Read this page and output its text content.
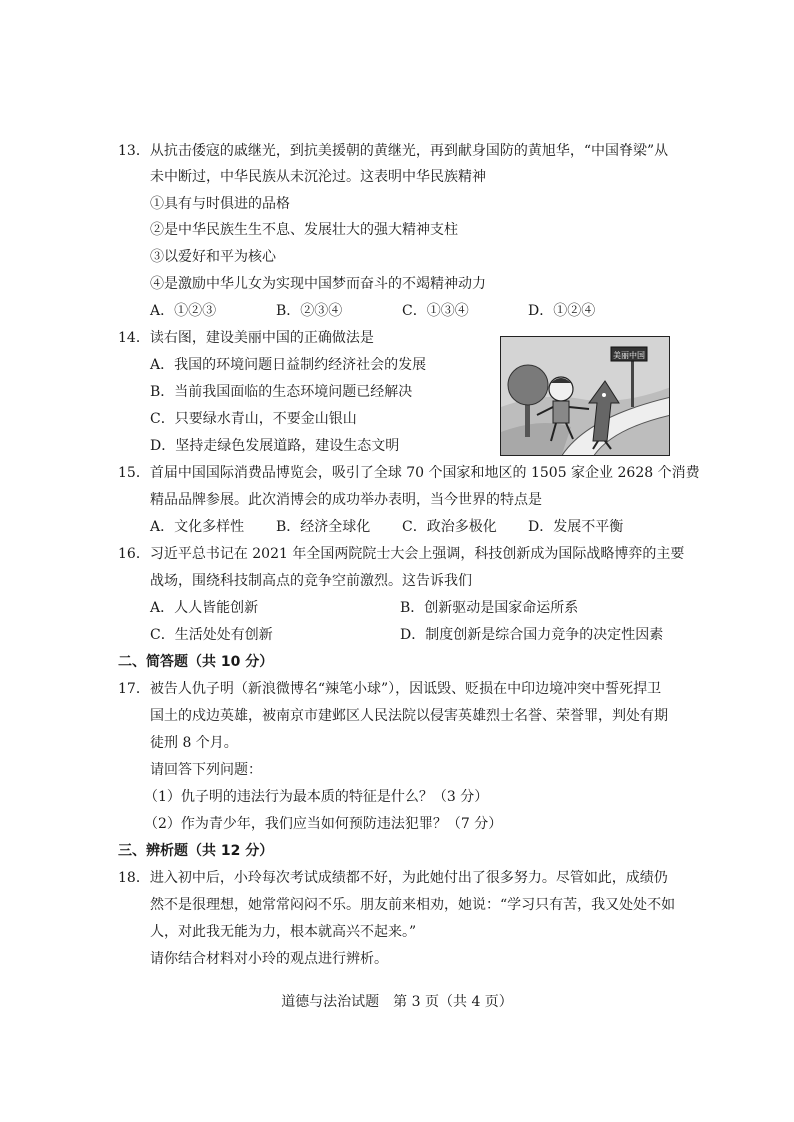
13．从抗击倭寇的戚继光，到抗美援朝的黄继光，再到献身国防的黄旭华，“中国脊梁”从
未中断过，中华民族从未沉沦过。这表明中华民族精神
①具有与时俱进的品格
②是中华民族生生不息、发展壮大的强大精神支柱
③以爱好和平为核心
④是激励中华儿女为实现中国梦而奋斗的不竭精神动力
A．①②③	B．②③④	C．①③④	D．①②④
14．读右图，建设美丽中国的正确做法是
A．我国的环境问题日益制约经济社会的发展
B．当前我国面临的生态环境问题已经解决
C．只要绿水青山，不要金山银山
D．坚持走绿色发展道路，建设生态文明
美丽中国
15．首届中国国际消费品博览会，吸引了全球 70 个国家和地区的 1505 家企业 2628 个消费
精品品牌参展。此次消博会的成功举办表明，当今世界的特点是
A．文化多样性 B．经济全球化 C．政治多极化 D．发展不平衡
16．习近平总书记在 2021 年全国两院院士大会上强调，科技创新成为国际战略博弈的主要
战场，围绕科技制高点的竞争空前激烈。这告诉我们
A．人人皆能创新	B．创新驱动是国家命运所系
C．生活处处有创新	D．制度创新是综合国力竞争的决定性因素
二、简答题（共 10 分）
17．被告人仇子明（新浪微博名“辣笔小球”），因诋毁、贬损在中印边境冲突中誓死捍卫
国土的戍边英雄，被南京市建邺区人民法院以侵害英雄烈士名誉、荣誉罪，判处有期
徒刑 8 个月。
请回答下列问题：
（1）仇子明的违法行为最本质的特征是什么？（3 分）
（2）作为青少年，我们应当如何预防违法犯罪？（7 分）
三、辨析题（共 12 分）
18．进入初中后，小玲每次考试成绩都不好，为此她付出了很多努力。尽管如此，成绩仍
然不是很理想，她常常闷闷不乐。朋友前来相劝，她说：“学习只有苦，我又处处不如
人，对此我无能为力，根本就高兴不起来。”
请你结合材料对小玲的观点进行辨析。
道德与法治试题　第 3 页（共 4 页）
